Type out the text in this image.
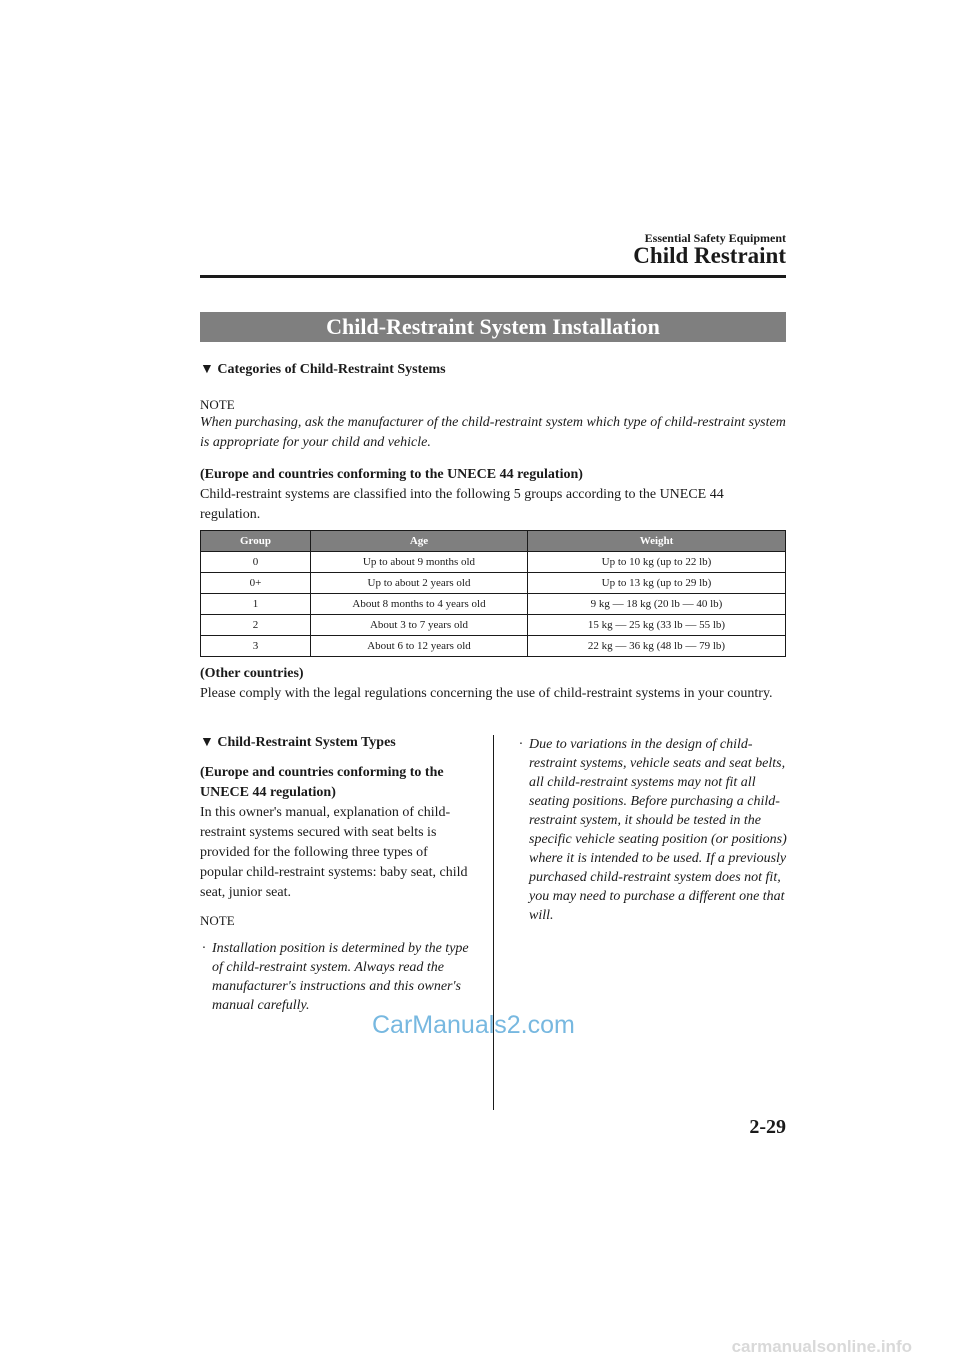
Essential Safety Equipment
Child Restraint
Child-Restraint System Installation

▼ Categories of Child-Restraint Systems

NOTE

When purchasing, ask the manufacturer of the child-restraint system which type of child-restraint system is appropriate for your child and vehicle.

(Europe and countries conforming to the UNECE 44 regulation)

Child-restraint systems are classified into the following 5 groups according to the UNECE 44 regulation.

Group	Age	Weight
0	Up to about 9 months old	Up to 10 kg (up to 22 lb)
0+	Up to about 2 years old	Up to 13 kg (up to 29 lb)
1	About 8 months to 4 years old	9 kg — 18 kg (20 lb — 40 lb)
2	About 3 to 7 years old	15 kg — 25 kg (33 lb — 55 lb)
3	About 6 to 12 years old	22 kg — 36 kg (48 lb — 79 lb)
(Other countries)
Please comply with the legal regulations concerning the use of child-restraint systems in your country.
▼ Child-Restraint System Types
(Europe and countries conforming to the UNECE 44 regulation)
In this owner's manual, explanation of child-restraint systems secured with seat belts is provided for the following three types of popular child-restraint systems: baby seat, child seat, junior seat.
NOTE
· Installation position is determined by the type of child-restraint system. Always read the manufacturer's instructions and this owner's manual carefully.
· Due to variations in the design of child-restraint systems, vehicle seats and seat belts, all child-restraint systems may not fit all seating positions. Before purchasing a child-restraint system, it should be tested in the specific vehicle seating position (or positions) where it is intended to be used. If a previously purchased child-restraint system does not fit, you may need to purchase a different one that will.
CarManuals2.com
2-29
carmanualsonline.info
